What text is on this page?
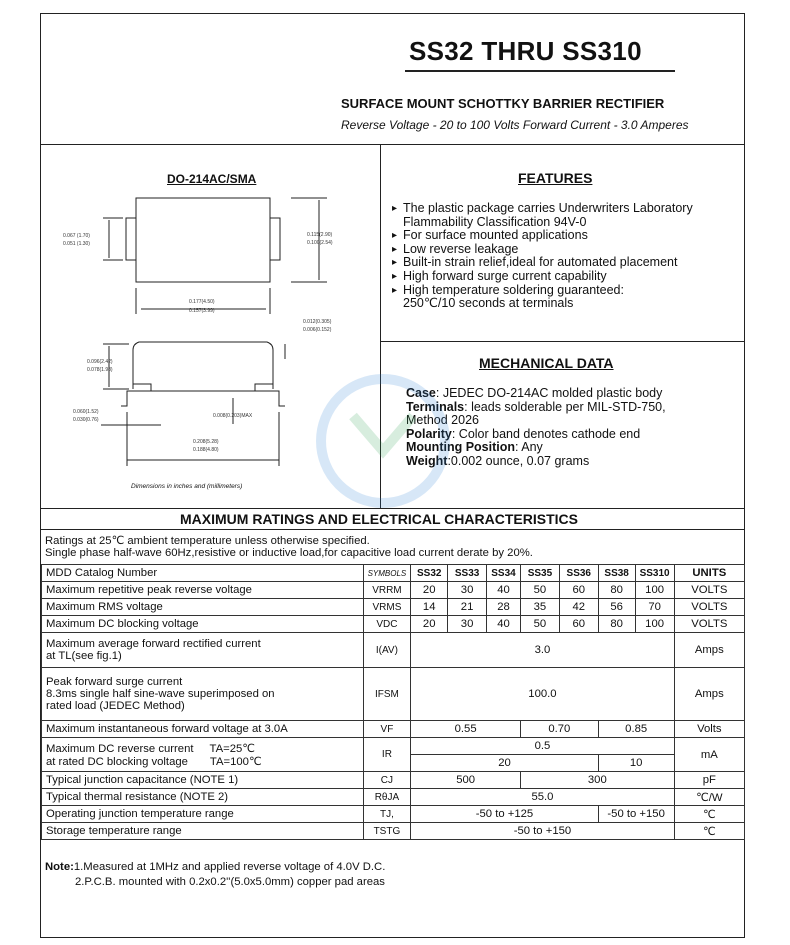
SS32 THRU SS310
SURFACE MOUNT SCHOTTKY BARRIER RECTIFIER
Reverse Voltage - 20 to 100 Volts Forward Current - 3.0 Amperes
DO-214AC/SMA
0.067 (1.70)
0.051 (1.30)
0.115(2.90)
0.100(2.54)
0.177(4.50)
0.157(3.99)
0.012(0.305)
0.006(0.152)
0.096(2.42)
0.078(1.98)
0.060(1.52)
0.030(0.76)
0.008(0.203)MAX
0.208(5.28)
0.188(4.80)
Dimensions in inches and (millimeters)
FEATURES
▸ The plastic package carries Underwriters Laboratory
Flammability Classification 94V-0
▸ For surface mounted applications
▸ Low reverse leakage
▸ Built-in strain relief,ideal for automated placement
▸ High forward surge current capability
▸ High temperature soldering guaranteed:
250℃/10 seconds at terminals
MECHANICAL DATA
Case: JEDEC DO-214AC molded plastic body
Terminals: leads solderable per MIL-STD-750,
Method 2026
Polarity: Color band denotes cathode end
Mounting Position: Any
Weight:0.002 ounce, 0.07 grams
MAXIMUM RATINGS AND ELECTRICAL CHARACTERISTICS
Ratings at 25℃ ambient temperature unless otherwise specified.
Single phase half-wave 60Hz,resistive or inductive load,for capacitive load current derate by 20%.
MDD Catalog Number	SYMBOLS	SS32	SS33	SS34	SS35	SS36	SS38	SS310	UNITS
Maximum repetitive peak reverse voltage	VRRM	20	30	40	50	60	80	100	VOLTS
Maximum RMS voltage	VRMS	14	21	28	35	42	56	70	VOLTS
Maximum DC blocking voltage	VDC	20	30	40	50	60	80	100	VOLTS

Maximum average forward rectified current
at TL(see fig.1)	I(AV)	3.0							Amps

Peak forward surge current
8.3ms single half sine-wave superimposed on
rated load (JEDEC Method)	IFSM	100.0							Amps
Maximum instantaneous forward voltage at 3.0A	VF	0.55			0.70		0.85		Volts

Maximum DC reverse current TA=25℃
at rated DC blocking voltage TA=100℃	IR	0.5							mA
		20					10		
Typical junction capacitance (NOTE 1)	CJ	500			300				pF
Typical thermal resistance (NOTE 2)	RθJA	55.0							℃/W
Operating junction temperature range	TJ,	-50 to +125					-50 to +150		℃
Storage temperature range	TSTG	-50 to +150							℃
Note:1.Measured at 1MHz and applied reverse voltage of 4.0V D.C.
2.P.C.B. mounted with 0.2x0.2''(5.0x5.0mm) copper pad areas
